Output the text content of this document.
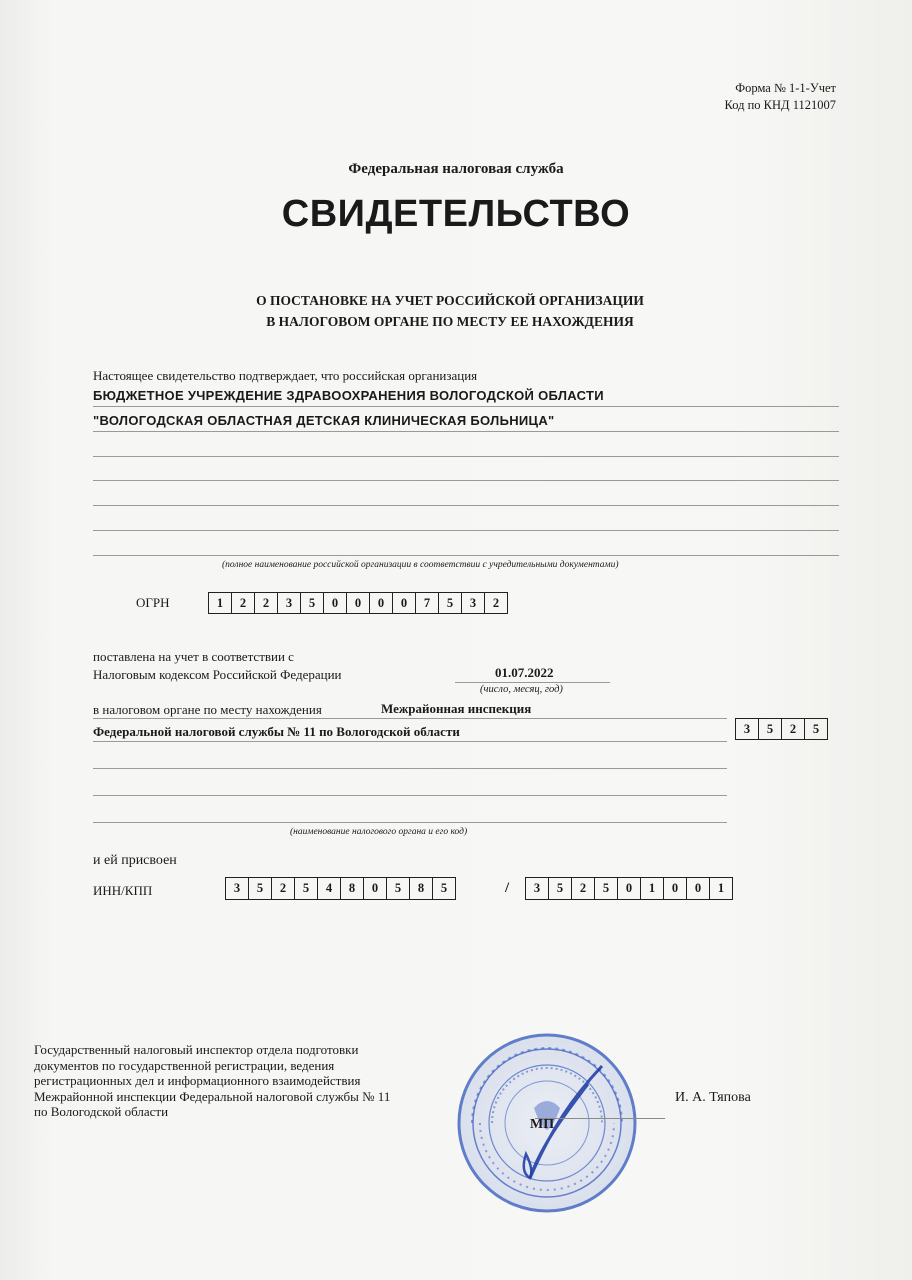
Форма № 1-1-Учет
Код по КНД 1121007
Федеральная налоговая служба
СВИДЕТЕЛЬСТВО
О ПОСТАНОВКЕ НА УЧЕТ РОССИЙСКОЙ ОРГАНИЗАЦИИ
В НАЛОГОВОМ ОРГАНЕ ПО МЕСТУ ЕЕ НАХОЖДЕНИЯ
Настоящее свидетельство подтверждает, что российская организация
БЮДЖЕТНОЕ УЧРЕЖДЕНИЕ ЗДРАВООХРАНЕНИЯ ВОЛОГОДСКОЙ ОБЛАСТИ
"ВОЛОГОДСКАЯ ОБЛАСТНАЯ ДЕТСКАЯ КЛИНИЧЕСКАЯ БОЛЬНИЦА"
(полное наименование российской организации в соответствии с учредительными документами)
ОГРН	1	2	2	3	5	0	0	0	0	7	5	3	2
поставлена на учет в соответствии с
Налоговым кодексом Российской Федерации	01.07.2022
(число, месяц, год)
в налоговом органе по месту нахождения	Межрайонная инспекция
Федеральной налоговой службы № 11 по Вологодской области	3	5	2	5
(наименование налогового органа и его код)
и ей присвоен
ИНН/КПП	3	5	2	5	4	8	0	5	8	5	/	3	5	2	5	0	1	0	0	1
Государственный налоговый инспектор отдела подготовки документов по государственной регистрации, ведения регистрационных дел и информационного взаимодействия Межрайонной инспекции Федеральной налоговой службы № 11 по Вологодской области
МП
И. А. Тяпова
